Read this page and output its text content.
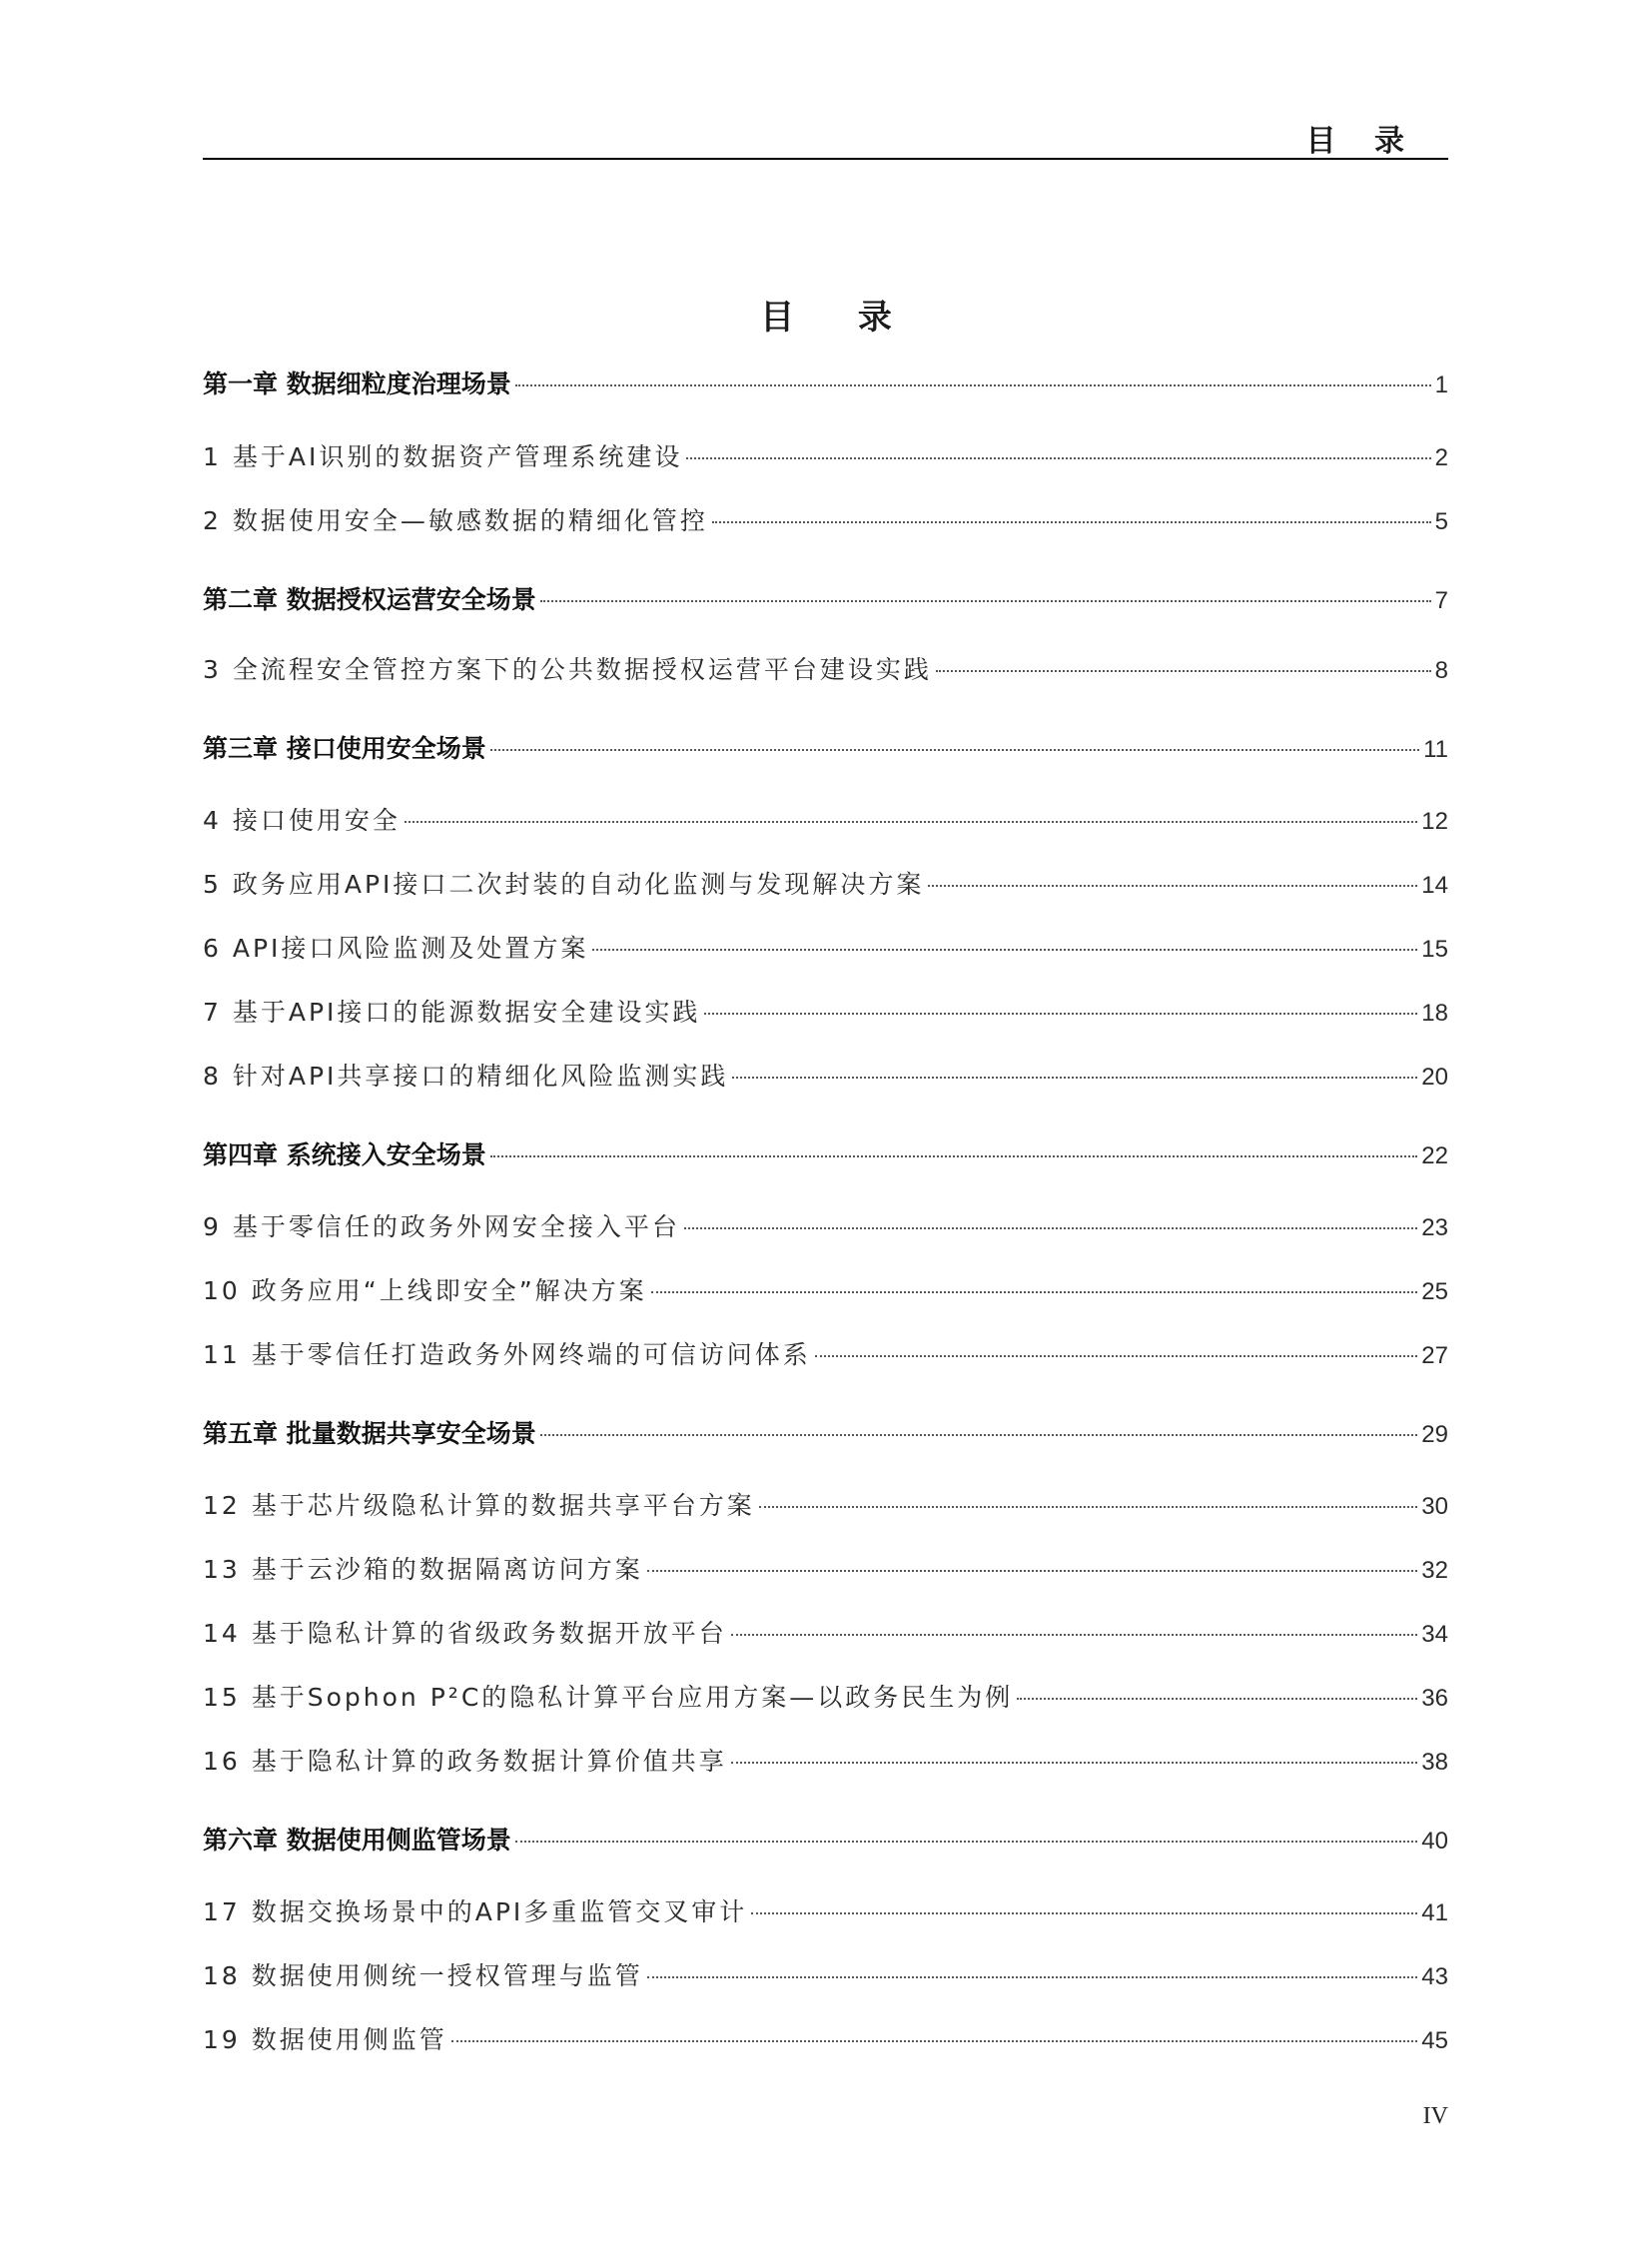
目 录
目 录
第一章 数据细粒度治理场景	1
1 基于AI识别的数据资产管理系统建设	2
2 数据使用安全—敏感数据的精细化管控	5
第二章 数据授权运营安全场景	7
3 全流程安全管控方案下的公共数据授权运营平台建设实践	8
第三章 接口使用安全场景	11
4 接口使用安全	12
5 政务应用API接口二次封装的自动化监测与发现解决方案	14
6 API接口风险监测及处置方案	15
7 基于API接口的能源数据安全建设实践	18
8 针对API共享接口的精细化风险监测实践	20
第四章 系统接入安全场景	22
9 基于零信任的政务外网安全接入平台	23
10 政务应用“上线即安全”解决方案	25
11 基于零信任打造政务外网终端的可信访问体系	27
第五章 批量数据共享安全场景	29
12 基于芯片级隐私计算的数据共享平台方案	30
13 基于云沙箱的数据隔离访问方案	32
14 基于隐私计算的省级政务数据开放平台	34
15 基于Sophon P²C的隐私计算平台应用方案—以政务民生为例	36
16 基于隐私计算的政务数据计算价值共享	38
第六章 数据使用侧监管场景	40
17 数据交换场景中的API多重监管交叉审计	41
18 数据使用侧统一授权管理与监管	43
19 数据使用侧监管	45
IV
